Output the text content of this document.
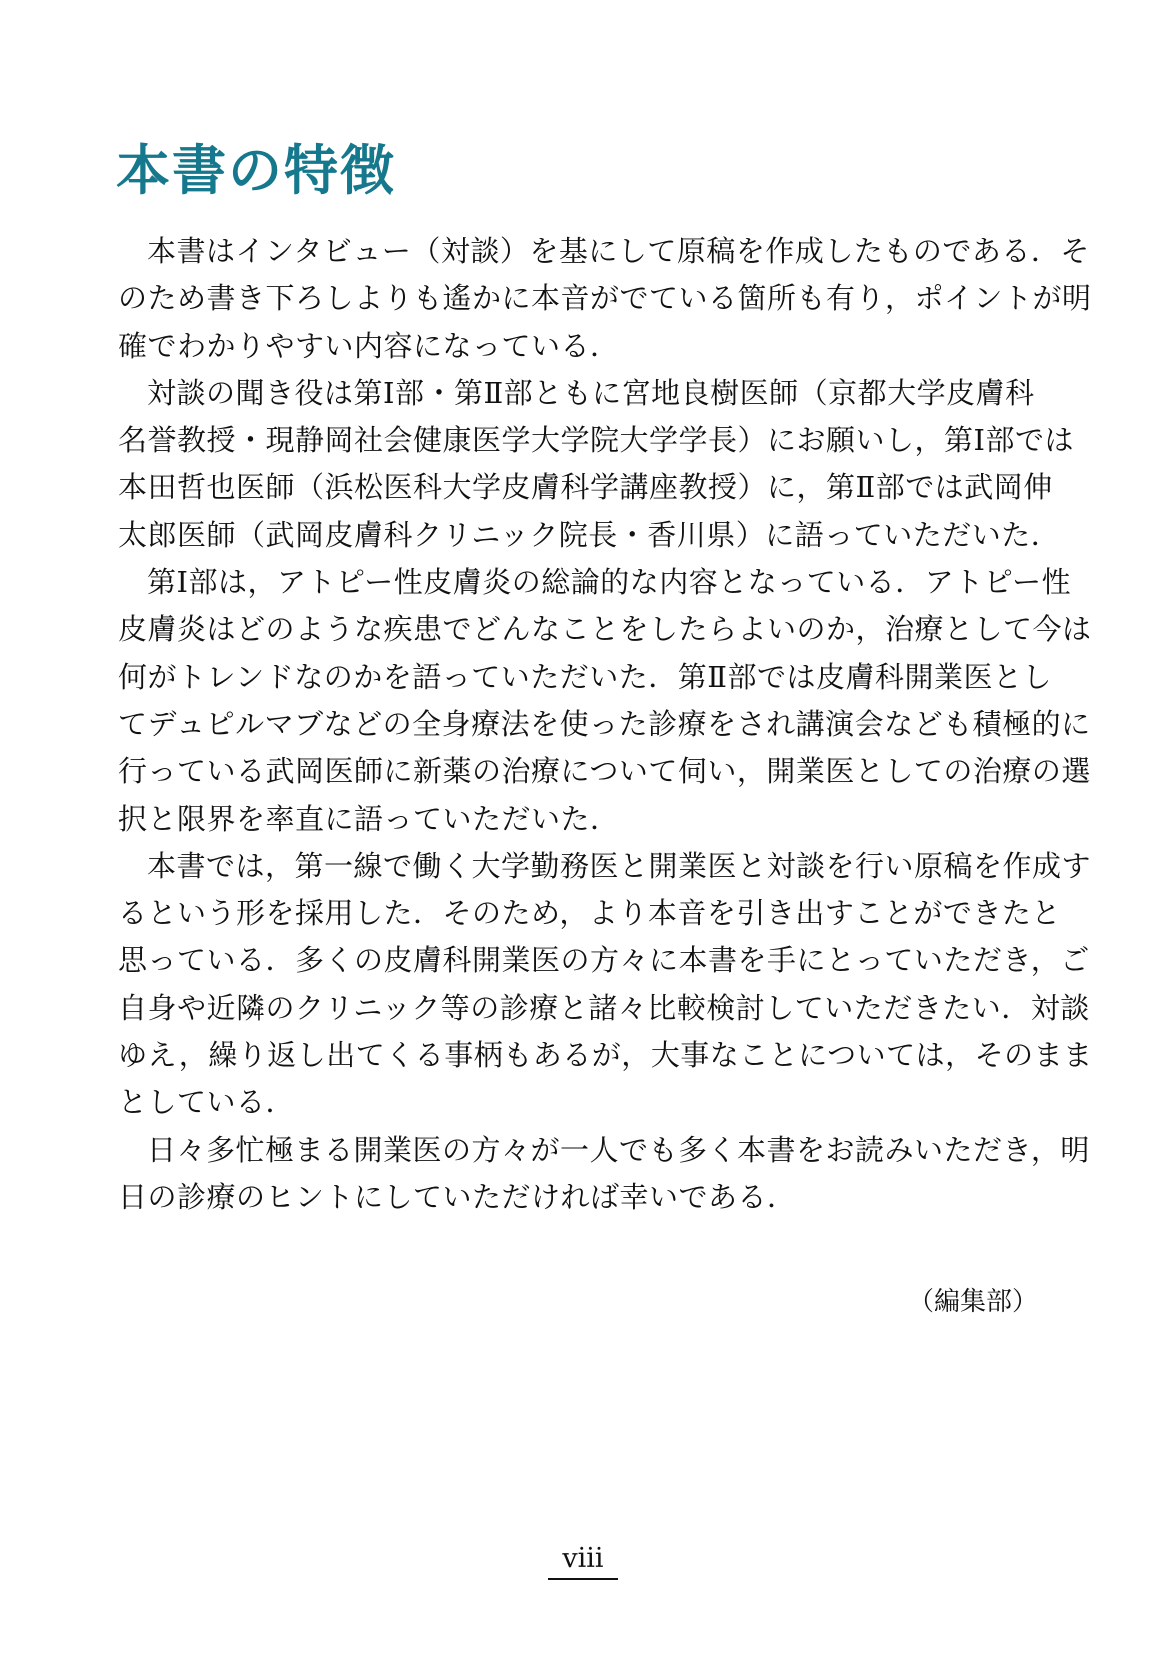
本書の特徴
本書はインタビュー（対談）を基にして原稿を作成したものである．そ
のため書き下ろしよりも遙かに本音がでている箇所も有り，ポイントが明
確でわかりやすい内容になっている．
対談の聞き役は第Ⅰ部・第Ⅱ部ともに宮地良樹医師（京都大学皮膚科
名誉教授・現静岡社会健康医学大学院大学学長）にお願いし，第Ⅰ部では
本田哲也医師（浜松医科大学皮膚科学講座教授）に，第Ⅱ部では武岡伸
太郎医師（武岡皮膚科クリニック院長・香川県）に語っていただいた．
第Ⅰ部は，アトピー性皮膚炎の総論的な内容となっている．アトピー性
皮膚炎はどのような疾患でどんなことをしたらよいのか，治療として今は
何がトレンドなのかを語っていただいた．第Ⅱ部では皮膚科開業医とし
てデュピルマブなどの全身療法を使った診療をされ講演会なども積極的に
行っている武岡医師に新薬の治療について伺い，開業医としての治療の選
択と限界を率直に語っていただいた．
本書では，第一線で働く大学勤務医と開業医と対談を行い原稿を作成す
るという形を採用した．そのため，より本音を引き出すことができたと
思っている．多くの皮膚科開業医の方々に本書を手にとっていただき，ご
自身や近隣のクリニック等の診療と諸々比較検討していただきたい．対談
ゆえ，繰り返し出てくる事柄もあるが，大事なことについては，そのまま
としている．
日々多忙極まる開業医の方々が一人でも多く本書をお読みいただき，明
日の診療のヒントにしていただければ幸いである．
（編集部）
viii
